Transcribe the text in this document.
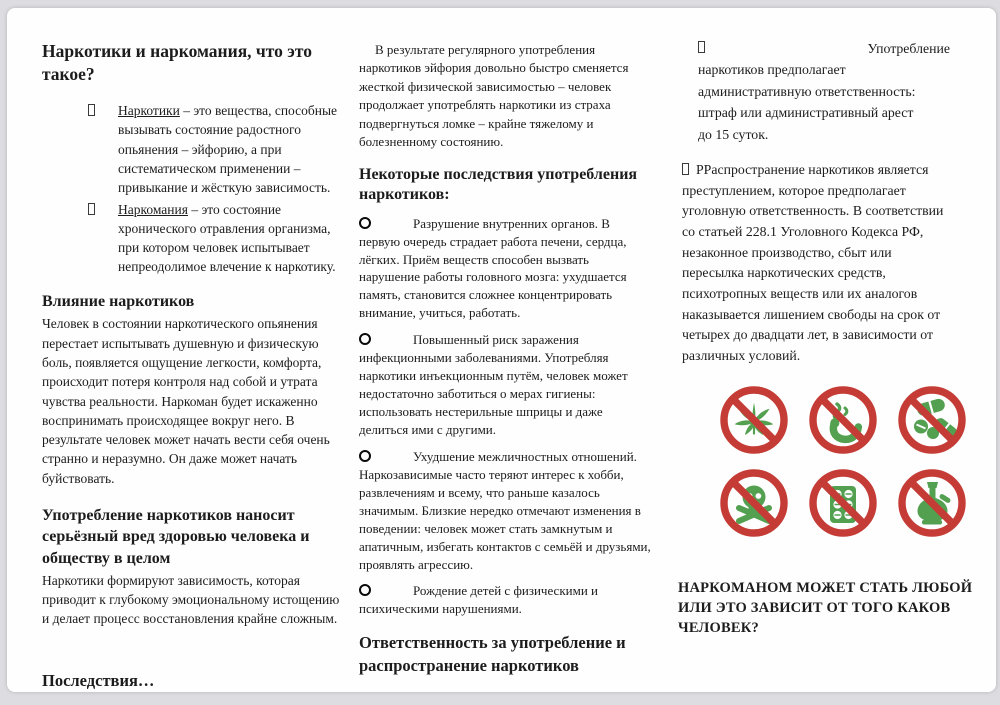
Наркотики и наркомания, что это такое?
Наркотики – это вещества, способные вызывать состояние радостного опьянения – эйфорию, а при систематическом применении – привыкание и жёсткую зависимость.
Наркомания – это состояние хронического отравления организма, при котором человек испытывает непреодолимое влечение к наркотику.
Влияние наркотиков

Человек в состоянии наркотического опьянения перестает испытывать душевную и физическую боль, появляется ощущение легкости, комфорта, происходит потеря контроля над собой и утрата чувства реальности. Наркоман будет искаженно воспринимать происходящее вокруг него. В результате человек может начать вести себя очень странно и неразумно. Он даже может начать буйствовать.

Употребление наркотиков наносит серьёзный вред здоровью человека и обществу в целом

Наркотики формируют зависимость, которая приводит к глубокому эмоциональному истощению и делает процесс восстановления крайне сложным.

Последствия…

В результате регулярного употребления наркотиков эйфория довольно быстро сменяется жесткой физической зависимостью – человек продолжает употреблять наркотики из страха подвергнуться ломке – крайне тяжелому и болезненному состоянию.

Некоторые последствия употребления наркотиков:

Разрушение внутренних органов. В первую очередь страдает работа печени, сердца, лёгких. Приём веществ способен вызвать нарушение работы головного мозга: ухудшается память, становится сложнее концентрировать внимание, учиться, работать.

Повышенный риск заражения инфекционными заболеваниями. Употребляя наркотики инъекционным путём, человек может недостаточно заботиться о мерах гигиены: использовать нестерильные шприцы и даже делиться ими с другими.

Ухудшение межличностных отношений. Наркозависимые часто теряют интерес к хобби, развлечениям и всему, что раньше казалось значимым. Близкие нередко отмечают изменения в поведении: человек может стать замкнутым и апатичным, избегать контактов с семьёй и друзьями, проявлять агрессию.

Рождение детей с физическими и психическими нарушениями.

Ответственность за употребление и распространение наркотиков
Употребление

наркотиков предполагает административную ответственность: штраф или административный арест до 15 суток.

РРаспространение наркотиков является преступлением, которое предполагает уголовную ответственность. В соответствии со статьей 228.1 Уголовного Кодекса РФ, незаконное производство, сбыт или пересылка наркотических средств, психотропных веществ или их аналогов наказывается лишением свободы на срок от четырех до двадцати лет, в зависимости от различных условий.

НАРКОМАНОМ МОЖЕТ СТАТЬ ЛЮБОЙ ИЛИ ЭТО ЗАВИСИТ ОТ ТОГО КАКОВ ЧЕЛОВЕК?
